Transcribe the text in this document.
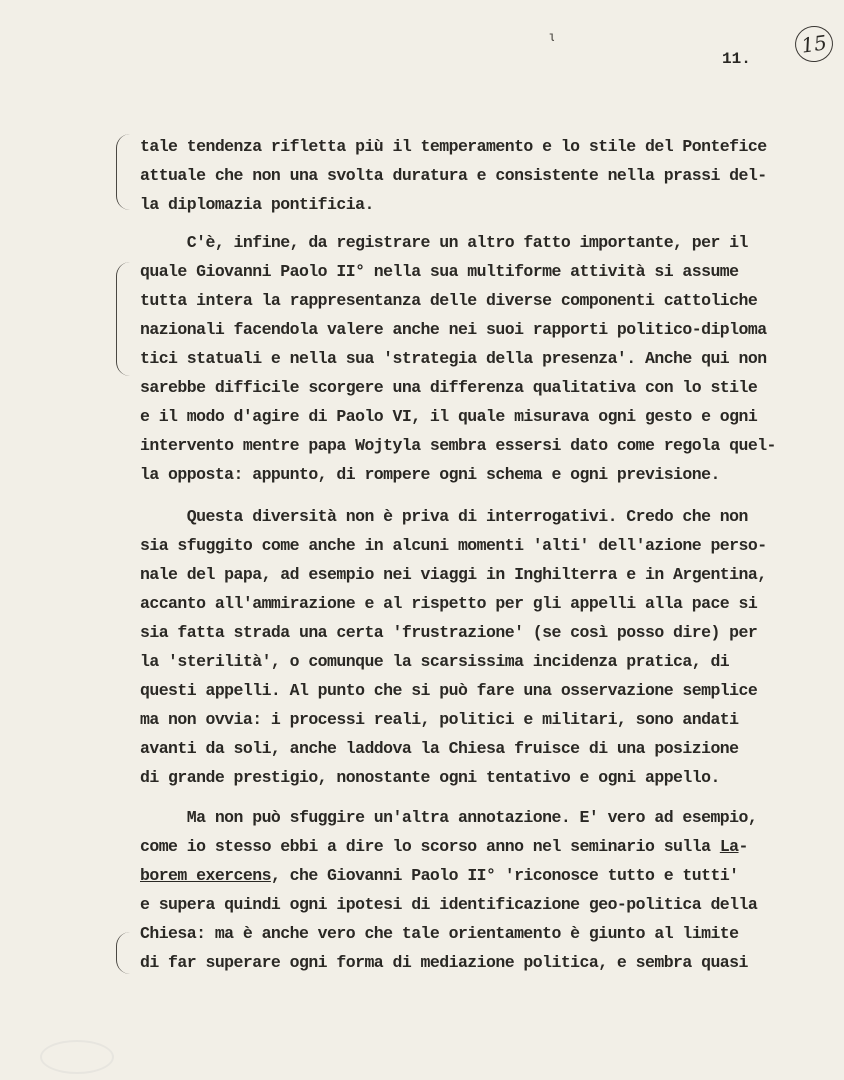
ɩ
11.
15
tale tendenza rifletta più il temperamento e lo stile del Pontefice
attuale che non una svolta duratura e consistente nella prassi del-
la diplomazia pontificia.
C'è, infine, da registrare un altro fatto importante, per il
quale Giovanni Paolo II° nella sua multiforme attività si assume
tutta intera la rappresentanza delle diverse componenti cattoliche
nazionali facendola valere anche nei suoi rapporti politico-diploma
tici statuali e nella sua 'strategia della presenza'. Anche qui non
sarebbe difficile scorgere una differenza qualitativa con lo stile
e il modo d'agire di Paolo VI, il quale misurava ogni gesto e ogni
intervento mentre papa Wojtyla sembra essersi dato come regola quel-
la opposta: appunto, di rompere ogni schema e ogni previsione.
Questa diversità non è priva di interrogativi. Credo che non
sia sfuggito come anche in alcuni momenti 'alti' dell'azione perso-
nale del papa, ad esempio nei viaggi in Inghilterra e in Argentina,
accanto all'ammirazione e al rispetto per gli appelli alla pace si
sia fatta strada una certa 'frustrazione' (se così posso dire) per
la 'sterilità', o comunque la scarsissima incidenza pratica, di
questi appelli. Al punto che si può fare una osservazione semplice
ma non ovvia: i processi reali, politici e militari, sono andati
avanti da soli, anche laddova la Chiesa fruisce di una posizione
di grande prestigio, nonostante ogni tentativo e ogni appello.
Ma non può sfuggire un'altra annotazione. E' vero ad esempio,
come io stesso ebbi a dire lo scorso anno nel seminario sulla La-
borem exercens, che Giovanni Paolo II° 'riconosce tutto e tutti'
e supera quindi ogni ipotesi di identificazione geo-politica della
Chiesa: ma è anche vero che tale orientamento è giunto al limite
di far superare ogni forma di mediazione politica, e sembra quasi
